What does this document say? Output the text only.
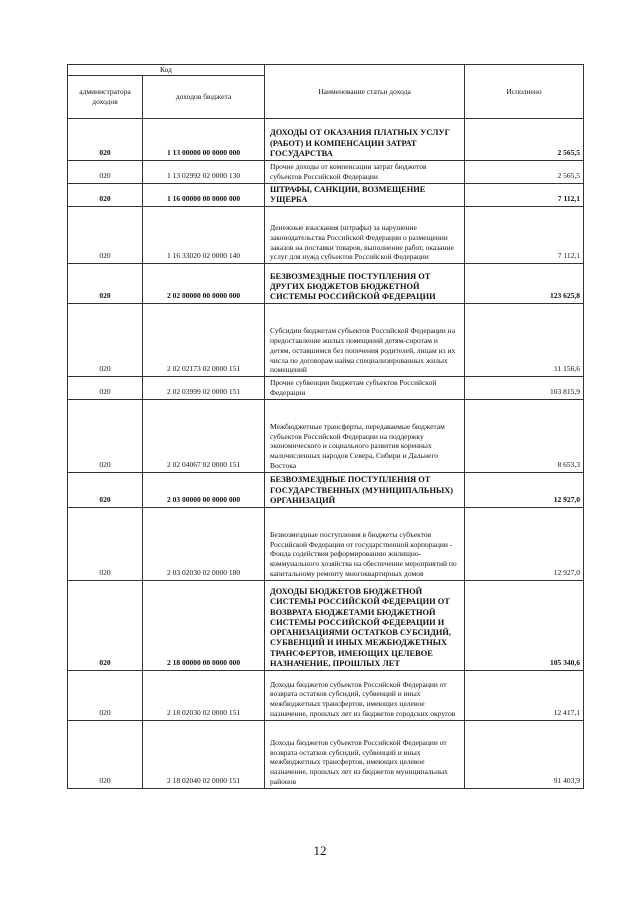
Код		Наименование статьи дохода	Исполнено
администратора доходов	доходов бюджета		
020	1 13 00000 00 0000 000	ДОХОДЫ ОТ ОКАЗАНИЯ ПЛАТНЫХ УСЛУГ (РАБОТ) И КОМПЕНСАЦИИ ЗАТРАТ ГОСУДАРСТВА	2 565,5
020	1 13 02992 02 0000 130	Прочие доходы от компенсации затрат бюджетов субъектов Российской Федерации	2 565,5
020	1 16 00000 00 0000 000	ШТРАФЫ, САНКЦИИ, ВОЗМЕЩЕНИЕ УЩЕРБА	7 112,1
020	1 16 33020 02 0000 140	Денежные взыскания (штрафы) за нарушение законодательства Российской Федерации о размещении заказов на поставки товаров, выполнение работ, оказание услуг для нужд субъектов Российской Федерации	7 112,1
020	2 02 00000 00 0000 000	БЕЗВОЗМЕЗДНЫЕ ПОСТУПЛЕНИЯ ОТ ДРУГИХ БЮДЖЕТОВ БЮДЖЕТНОЙ СИСТЕМЫ РОССИЙСКОЙ ФЕДЕРАЦИИ	123 625,8
020	2 02 02173 02 0000 151	Субсидии бюджетам субъектов Российской Федерации на предоставление жилых помещений детям-сиротам и детям, оставшимся без попечения родителей, лицам из их числа по договорам найма специализированных жилых помещений	11 156,6
020	2 02 03999 02 0000 151	Прочие субвенции бюджетам субъектов Российской Федерации	103 815,9
020	2 02 04067 02 0000 151	Межбюджетные трансферты, передаваемые бюджетам субъектов Российской Федерации на поддержку экономического и социального развития коренных малочисленных народов Севера, Сибири и Дальнего Востока	8 653,3
020	2 03 00000 00 0000 000	БЕЗВОЗМЕЗДНЫЕ ПОСТУПЛЕНИЯ ОТ ГОСУДАРСТВЕННЫХ (МУНИЦИПАЛЬНЫХ) ОРГАНИЗАЦИЙ	12 927,0
020	2 03 02030 02 0000 180	Безвозмездные поступления в бюджеты субъектов Российской Федерации от государственной корпорации - Фонда содействия реформированию жилищно-коммунального хозяйства на обеспечение мероприятий по капитальному ремонту многоквартирных домов	12 927,0
020	2 18 00000 00 0000 000	ДОХОДЫ БЮДЖЕТОВ БЮДЖЕТНОЙ СИСТЕМЫ РОССИЙСКОЙ ФЕДЕРАЦИИ ОТ ВОЗВРАТА БЮДЖЕТАМИ БЮДЖЕТНОЙ СИСТЕМЫ РОССИЙСКОЙ ФЕДЕРАЦИИ И ОРГАНИЗАЦИЯМИ ОСТАТКОВ СУБСИДИЙ, СУБВЕНЦИЙ И ИНЫХ МЕЖБЮДЖЕТНЫХ ТРАНСФЕРТОВ, ИМЕЮЩИХ ЦЕЛЕВОЕ НАЗНАЧЕНИЕ, ПРОШЛЫХ ЛЕТ	105 340,6
020	2 18 02030 02 0000 151	Доходы бюджетов субъектов Российской Федерации от возврата остатков субсидий, субвенций и иных межбюджетных трансфертов, имеющих целевое назначение, прошлых лет из бюджетов городских округов	12 417,1
020	2 18 02040 02 0000 151	Доходы бюджетов субъектов Российской Федерации от возврата остатков субсидий, субвенций и иных межбюджетных трансфертов, имеющих целевое назначение, прошлых лет из бюджетов муниципальных районов	91 403,9
12
